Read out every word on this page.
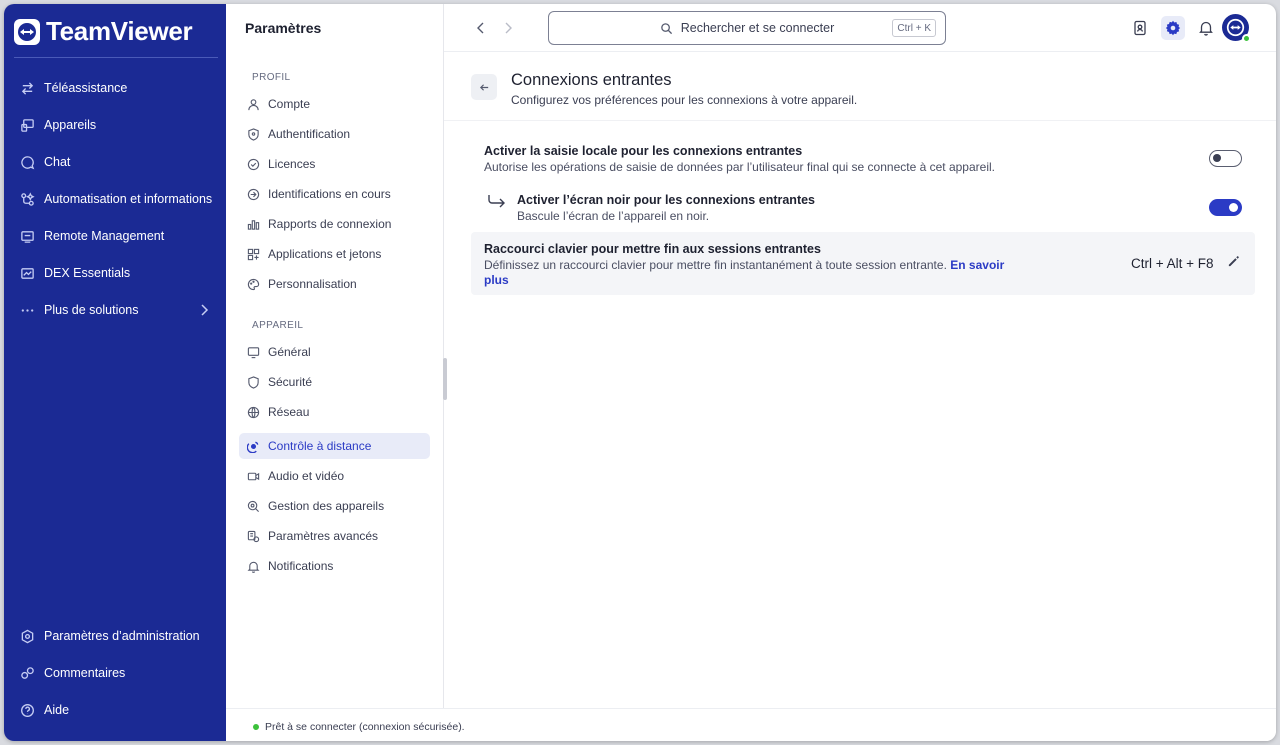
TeamViewer
Téléassistance
Appareils
Chat
Automatisation et informations
Remote Management
DEX Essentials
Plus de solutions
Paramètres d’administration
Commentaires
Aide
Paramètres
PROFIL
Compte
Authentification
Licences
Identifications en cours
Rapports de connexion
Applications et jetons
Personnalisation
APPAREIL
Général
Sécurité
Réseau
Contrôle à distance
Audio et vidéo
Gestion des appareils
Paramètres avancés
Notifications
Rechercher et se connecter	Ctrl + K
Connexions entrantes
Configurez vos préférences pour les connexions à votre appareil.
Activer la saisie locale pour les connexions entrantes
Autorise les opérations de saisie de données par l’utilisateur final qui se connecte à cet appareil.
Activer l’écran noir pour les connexions entrantes
Bascule l’écran de l’appareil en noir.
Raccourci clavier pour mettre fin aux sessions entrantes
Définissez un raccourci clavier pour mettre fin instantanément à toute session entrante. En savoir
plus
Ctrl + Alt + F8
Prêt à se connecter (connexion sécurisée).
